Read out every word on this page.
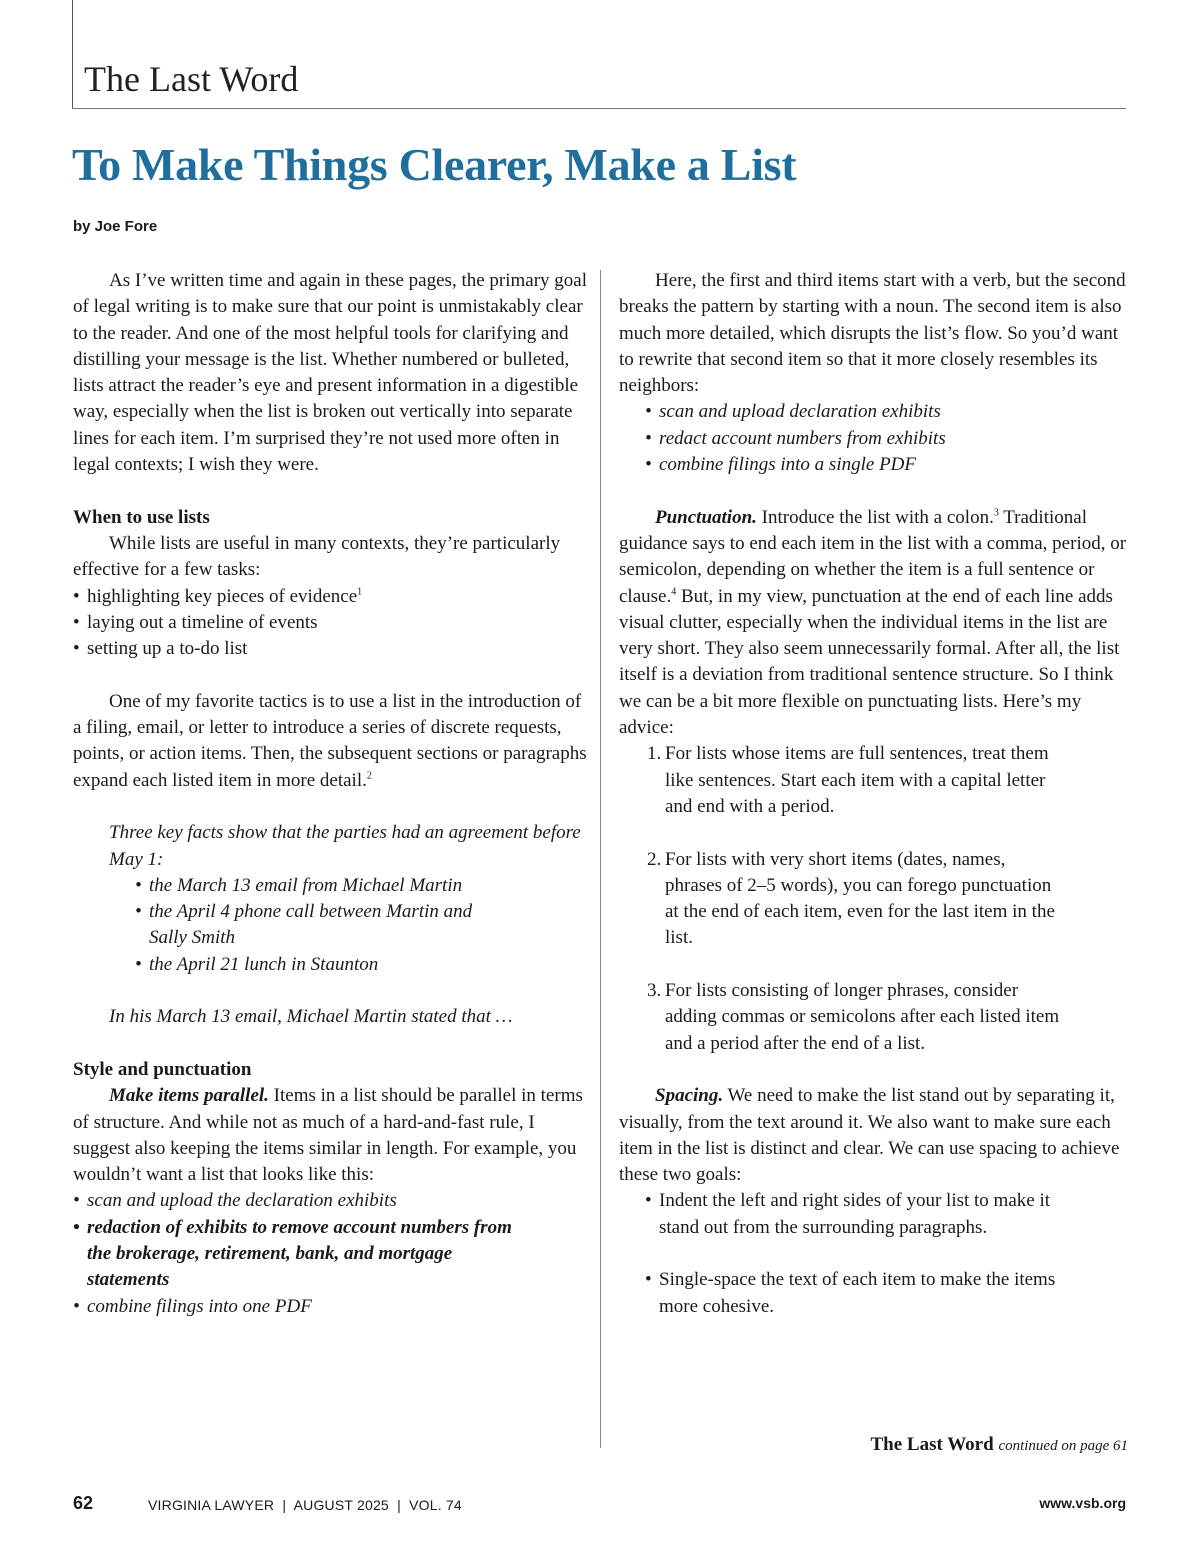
The Last Word
To Make Things Clearer, Make a List
by Joe Fore

As I’ve written time and again in these pages, the primary goal of legal writing is to make sure that our point is unmistakably clear to the reader. And one of the most helpful tools for clarifying and distilling your message is the list. Whether numbered or bulleted, lists attract the reader’s eye and present information in a digestible way, especially when the list is broken out vertically into separate lines for each item. I’m surprised they’re not used more often in legal contexts; I wish they were.

When to use lists

While lists are useful in many contexts, they’re particularly effective for a few tasks:

• highlighting key pieces of evidence$^1$
• laying out a timeline of events
• setting up a to-do list

One of my favorite tactics is to use a list in the introduction of a filing, email, or letter to introduce a series of discrete requests, points, or action items. Then, the subsequent sections or paragraphs expand each listed item in more detail.$^2$

Three key facts show that the parties had an agreement before May 1:

• the March 13 email from Michael Martin
• the April 4 phone call between Martin and Sally Smith
• the April 21 lunch in Staunton

In his March 13 email, Michael Martin stated that …

Style and punctuation

Make items parallel. Items in a list should be parallel in terms of structure. And while not as much of a hard-and-fast rule, I suggest also keeping the items similar in length. For example, you wouldn’t want a list that looks like this:

• scan and upload the declaration exhibits
• redaction of exhibits to remove account numbers from the brokerage, retirement, bank, and mortgage statements
• combine filings into one PDF

Here, the first and third items start with a verb, but the second breaks the pattern by starting with a noun. The second item is also much more detailed, which disrupts the list’s flow. So you’d want to rewrite that second item so that it more closely resembles its neighbors:

• scan and upload declaration exhibits
• redact account numbers from exhibits
• combine filings into a single PDF

Punctuation. Introduce the list with a colon.$^3$ Traditional guidance says to end each item in the list with a comma, period, or semicolon, depending on whether the item is a full sentence or clause.$^4$ But, in my view, punctuation at the end of each line adds visual clutter, especially when the individual items in the list are very short. They also seem unnecessarily formal. After all, the list itself is a deviation from traditional sentence structure. So I think we can be a bit more flexible on punctuating lists. Here’s my advice:

1. For lists whose items are full sentences, treat them like sentences. Start each item with a capital letter and end with a period.
2. For lists with very short items (dates, names, phrases of 2–5 words), you can forego punctuation at the end of each item, even for the last item in the list.
3. For lists consisting of longer phrases, consider adding commas or semicolons after each listed item and a period after the end of a list.

Spacing. We need to make the list stand out by separating it, visually, from the text around it. We also want to make sure each item in the list is distinct and clear. We can use spacing to achieve these two goals:

• Indent the left and right sides of your list to make it stand out from the surrounding paragraphs.
• Single-space the text of each item to make the items more cohesive.
The Last Word continued on page 61
62	VIRGINIA LAWYER  |  AUGUST 2025  |  VOL. 74	www.vsb.org
